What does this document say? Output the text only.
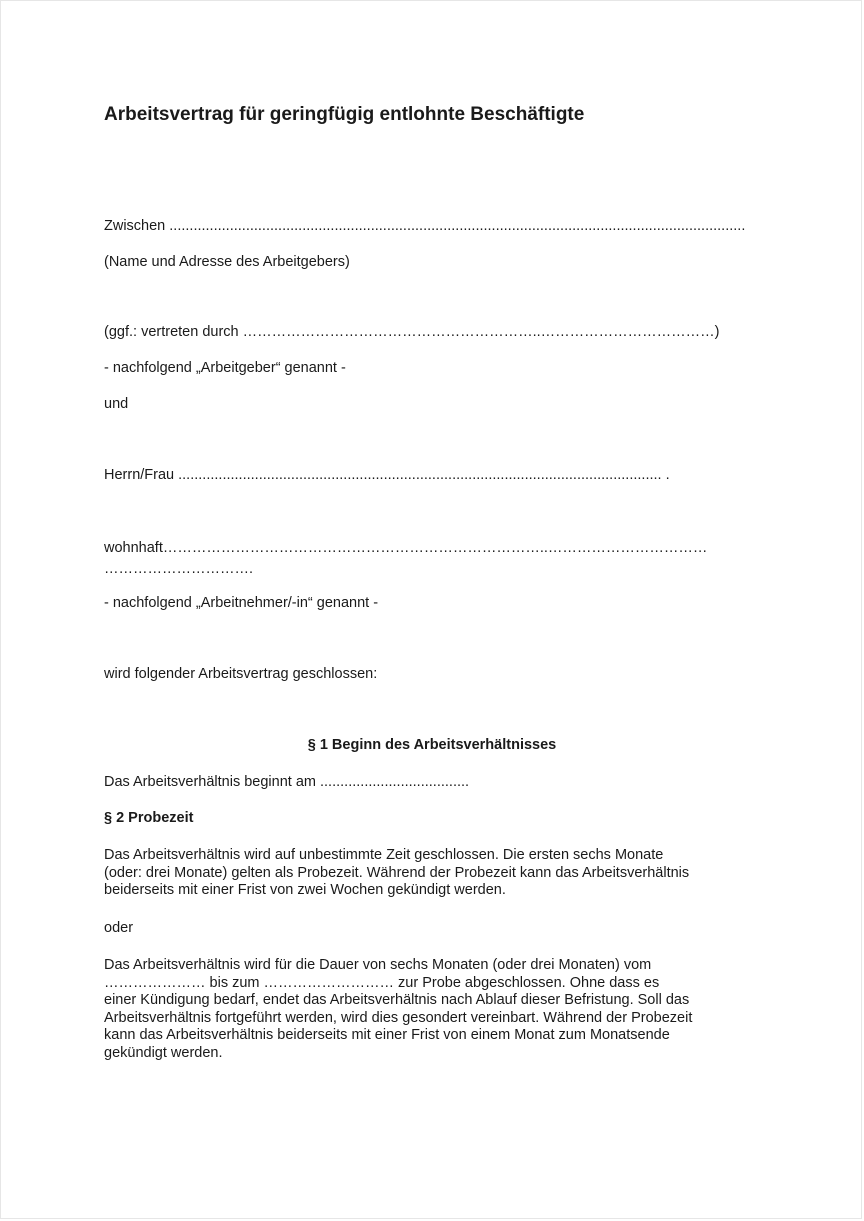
Arbeitsvertrag für geringfügig entlohnte Beschäftigte
Zwischen ...............................................................................................................................................
(Name und Adresse des Arbeitgebers)
(ggf.: vertreten durch ……………………………………………………..………………………………)
- nachfolgend „Arbeitgeber“ genannt -
und
Herrn/Frau ........................................................................................................................ .
wohnhaft……………………………………………………………………..……………………………
………………………….
- nachfolgend „Arbeitnehmer/-in“ genannt -
wird folgender Arbeitsvertrag geschlossen:
§ 1 Beginn des Arbeitsverhältnisses
Das Arbeitsverhältnis beginnt am .....................................
§ 2 Probezeit
Das Arbeitsverhältnis wird auf unbestimmte Zeit geschlossen. Die ersten sechs Monate
(oder: drei Monate) gelten als Probezeit. Während der Probezeit kann das Arbeitsverhältnis
beiderseits mit einer Frist von zwei Wochen gekündigt werden.
oder
Das Arbeitsverhältnis wird für die Dauer von sechs Monaten (oder drei Monaten) vom
………………… bis zum ……………………… zur Probe abgeschlossen. Ohne dass es
einer Kündigung bedarf, endet das Arbeitsverhältnis nach Ablauf dieser Befristung. Soll das
Arbeitsverhältnis fortgeführt werden, wird dies gesondert vereinbart. Während der Probezeit
kann das Arbeitsverhältnis beiderseits mit einer Frist von einem Monat zum Monatsende
gekündigt werden.
